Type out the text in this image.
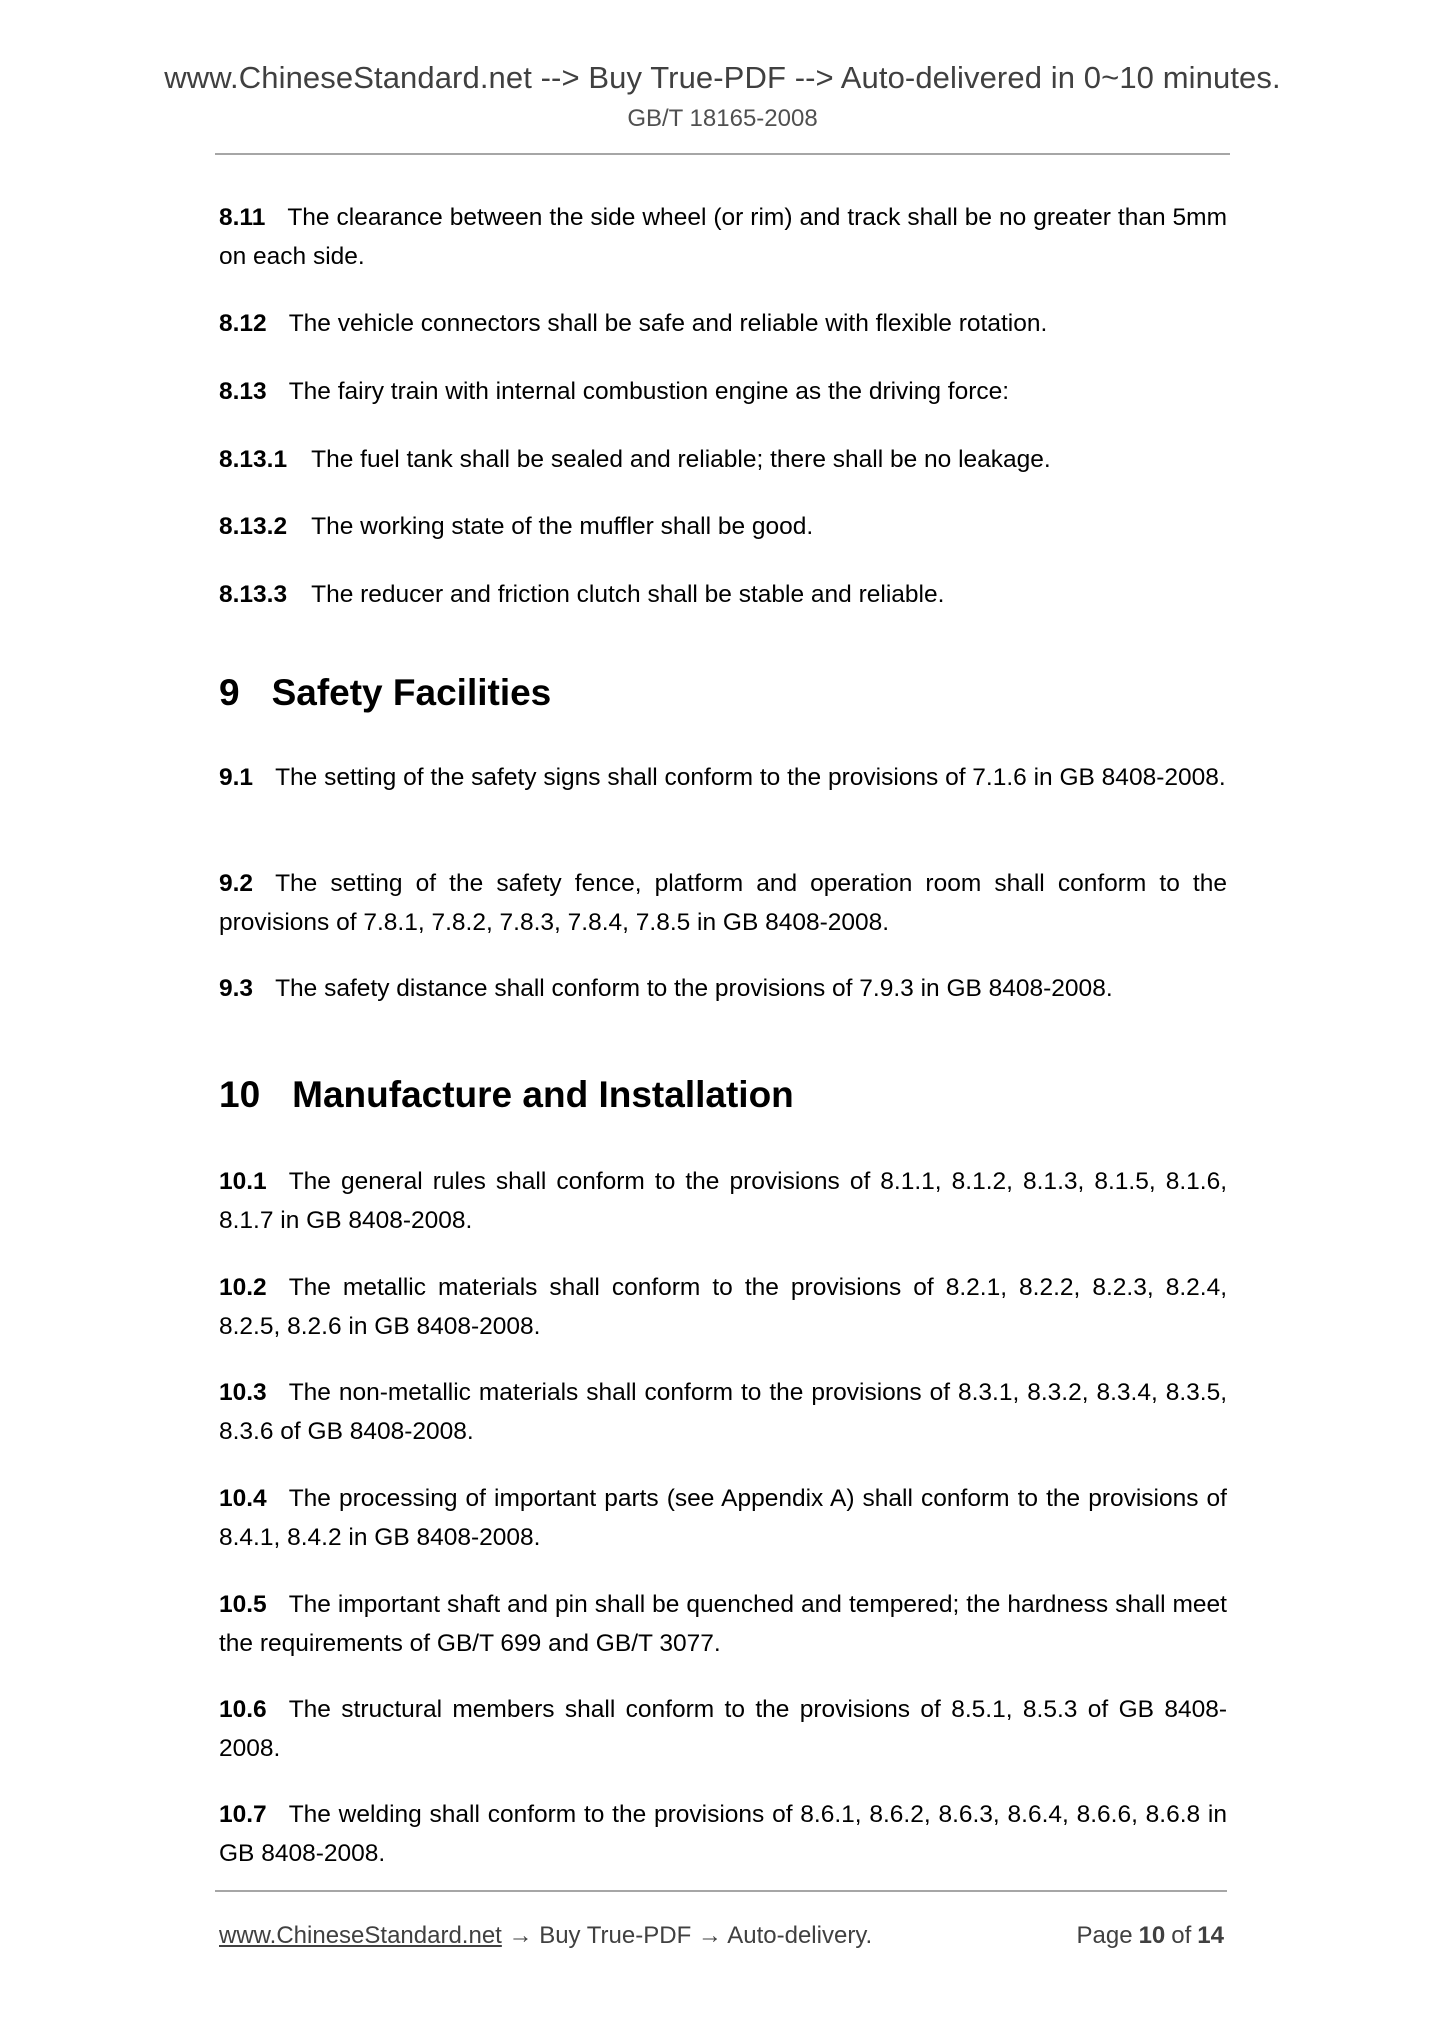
www.ChineseStandard.net --> Buy True-PDF --> Auto-delivered in 0~10 minutes.
GB/T 18165-2008
8.11 The clearance between the side wheel (or rim) and track shall be no greater than 5mm on each side.
8.12 The vehicle connectors shall be safe and reliable with flexible rotation.
8.13 The fairy train with internal combustion engine as the driving force:
8.13.1 The fuel tank shall be sealed and reliable; there shall be no leakage.
8.13.2 The working state of the muffler shall be good.
8.13.3 The reducer and friction clutch shall be stable and reliable.
9 Safety Facilities
9.1 The setting of the safety signs shall conform to the provisions of 7.1.6 in GB 8408-2008.
9.2 The setting of the safety fence, platform and operation room shall conform to the provisions of 7.8.1, 7.8.2, 7.8.3, 7.8.4, 7.8.5 in GB 8408-2008.
9.3 The safety distance shall conform to the provisions of 7.9.3 in GB 8408-2008.
10 Manufacture and Installation
10.1 The general rules shall conform to the provisions of 8.1.1, 8.1.2, 8.1.3, 8.1.5, 8.1.6, 8.1.7 in GB 8408-2008.
10.2 The metallic materials shall conform to the provisions of 8.2.1, 8.2.2, 8.2.3, 8.2.4, 8.2.5, 8.2.6 in GB 8408-2008.
10.3 The non-metallic materials shall conform to the provisions of 8.3.1, 8.3.2, 8.3.4, 8.3.5, 8.3.6 of GB 8408-2008.
10.4 The processing of important parts (see Appendix A) shall conform to the provisions of 8.4.1, 8.4.2 in GB 8408-2008.
10.5 The important shaft and pin shall be quenched and tempered; the hardness shall meet the requirements of GB/T 699 and GB/T 3077.
10.6 The structural members shall conform to the provisions of 8.5.1, 8.5.3 of GB 8408-2008.
10.7 The welding shall conform to the provisions of 8.6.1, 8.6.2, 8.6.3, 8.6.4, 8.6.6, 8.6.8 in GB 8408-2008.
www.ChineseStandard.net → Buy True-PDF → Auto-delivery.	Page 10 of 14
